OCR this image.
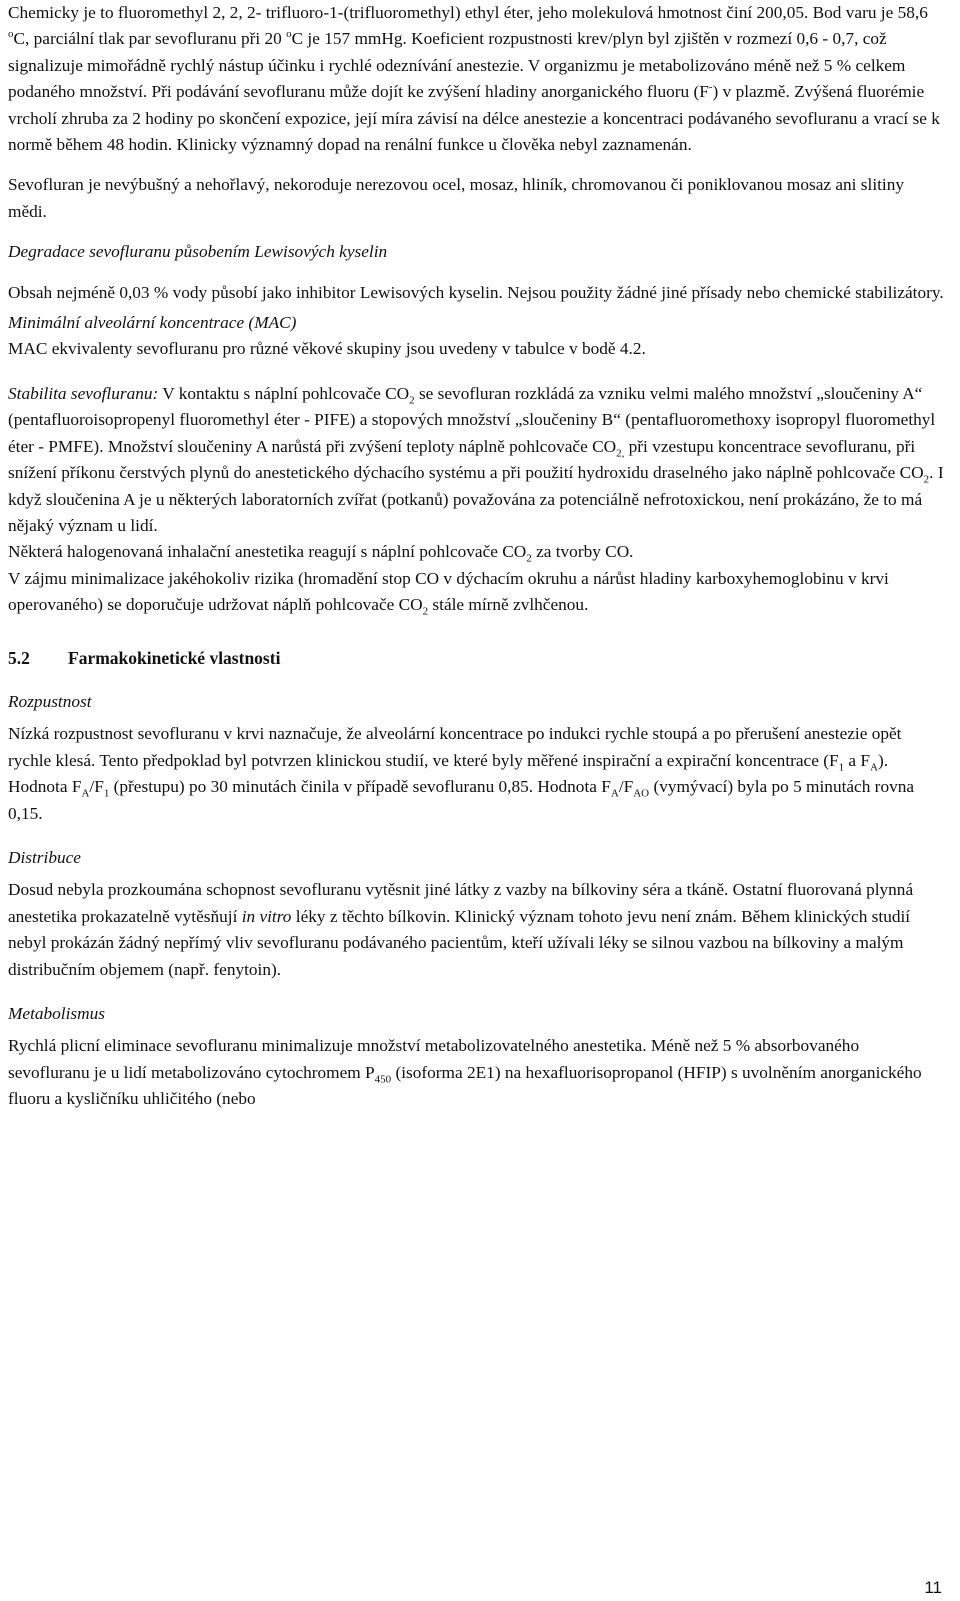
Chemicky je to fluoromethyl 2, 2, 2- trifluoro-1-(trifluoromethyl) ethyl éter, jeho molekulová hmotnost činí 200,05. Bod varu je 58,6 $^o$C, parciální tlak par sevofluranu při 20 $^o$C je 157 mmHg. Koeficient rozpustnosti krev/plyn byl zjištěn v rozmezí 0,6 - 0,7, což signalizuje mimořádně rychlý nástup účinku i rychlé odeznívání anestezie. V organizmu je metabolizováno méně než 5 % celkem podaného množství. Při podávání sevofluranu může dojít ke zvýšení hladiny anorganického fluoru (F-) v plazmě. Zvýšená fluorémie vrcholí zhruba za 2 hodiny po skončení expozice, její míra závisí na délce anestezie a koncentraci podávaného sevofluranu a vrací se k normě během 48 hodin. Klinicky významný dopad na renální funkce u člověka nebyl zaznamenán.

Sevofluran je nevýbušný a nehořlavý, nekoroduje nerezovou ocel, mosaz, hliník, chromovanou či poniklovanou mosaz ani slitiny mědi.

Degradace sevofluranu působením Lewisových kyselin

Obsah nejméně 0,03 % vody působí jako inhibitor Lewisových kyselin. Nejsou použity žádné jiné přísady nebo chemické stabilizátory.

Minimální alveolární koncentrace (MAC)

MAC ekvivalenty sevofluranu pro různé věkové skupiny jsou uvedeny v tabulce v bodě 4.2.

Stabilita sevofluranu: V kontaktu s náplní pohlcovače $CO_2$ se sevofluran rozkládá za vzniku velmi malého množství „sloučeniny A“ (pentafluoroisopropenyl fluoromethyl éter - PIFE) a stopových množství „sloučeniny B“ (pentafluoromethoxy isopropyl fluoromethyl éter - PMFE). Množství sloučeniny A narůstá při zvýšení teploty náplně pohlcovače $CO_{2,}$ při vzestupu koncentrace sevofluranu, při snížení příkonu čerstvých plynů do anestetického dýchacího systému a při použití hydroxidu draselného jako náplně pohlcovače $CO_2$. I když sloučenina A je u některých laboratorních zvířat (potkanů) považována za potenciálně nefrotoxickou, není prokázáno, že to má nějaký význam u lidí.

Některá halogenovaná inhalační anestetika reagují s náplní pohlcovače $CO_2$ za tvorby CO.

V zájmu minimalizace jakéhokoliv rizika (hromadění stop CO v dýchacím okruhu a nárůst hladiny karboxyhemoglobinu v krvi operovaného) se doporučuje udržovat náplň pohlcovače $CO_2$ stále mírně zvlhčenou.

5.2 Farmakokinetické vlastnosti

Rozpustnost

Nízká rozpustnost sevofluranu v krvi naznačuje, že alveolární koncentrace po indukci rychle stoupá a po přerušení anestezie opět rychle klesá. Tento předpoklad byl potvrzen klinickou studií, ve které byly měřené inspirační a expirační koncentrace ($F_1$ a $F_A$). Hodnota $F_A/F_1$ (přestupu) po 30 minutách činila v případě sevofluranu 0,85. Hodnota $F_A/F_{AO}$ (vymývací) byla po 5 minutách rovna 0,15.

Distribuce

Dosud nebyla prozkoumána schopnost sevofluranu vytěsnit jiné látky z vazby na bílkoviny séra a tkáně. Ostatní fluorovaná plynná anestetika prokazatelně vytěsňují in vitro léky z těchto bílkovin. Klinický význam tohoto jevu není znám. Během klinických studií nebyl prokázán žádný nepřímý vliv sevofluranu podávaného pacientům, kteří užívali léky se silnou vazbou na bílkoviny a malým distribučním objemem (např. fenytoin).

Metabolismus

Rychlá plicní eliminace sevofluranu minimalizuje množství metabolizovatelného anestetika. Méně než 5 % absorbovaného sevofluranu je u lidí metabolizováno cytochromem $P_{450}$ (isoforma 2E1) na hexafluorisopropanol (HFIP) s uvolněním anorganického fluoru a kysličníku uhličitého (nebo

11
